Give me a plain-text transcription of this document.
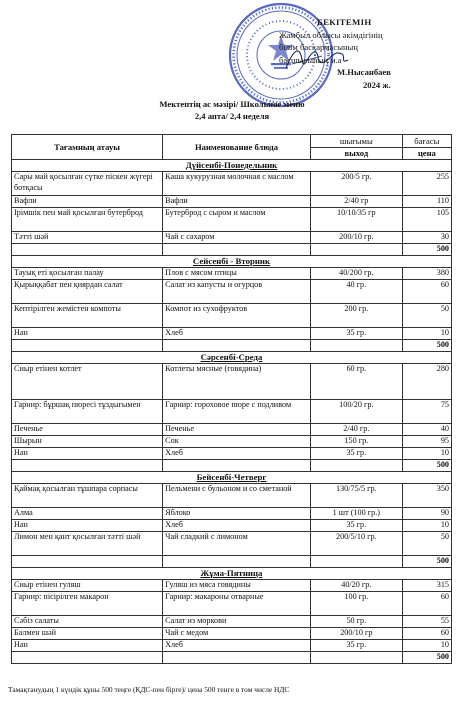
БЕКІТЕМІН
Жамбыл облысы әкімдігінің
білім басқармасының
басшысының м.а
М.Нысанбаев
2024 ж.
Мектептің ас мәзірі/ Школьное меню
2,4 апта/ 2,4 неделя
Тағамның атауы	Наименование блюда	шығымы	бағасы
		выход	цена
Дүйсенбі-Понедельник			
Сары май қосылған сүтке піскен жүгері ботқасы	Каша кукурузная молочная с маслом	200/5 гр.	255
Вафли	Вафли	2/40 гр	110
Ірімшік пен май қосылған бутерброд	Бутерброд с сыром и маслом	10/10/35 гр	105
Тәтті шәй	Чай с сахаром	200/10 гр.	30
			500
Сейсенбі - Вторник			
Тауық еті қосылған палау	Плов с мясом птицы	40/200 гр.	380
Қырыққабат пен қиярдан салат	Салат из капусты и огурцов	40 гр.	60
Кептірілген жемістен компоты	Компот из сухофруктов	200 гр.	50
Нан	Хлеб	35 гр.	10
			500
Сәрсенбі-Среда			
Сиыр етінен котлет	Котлеты мясные (говядина)	60 гр.	280
Гарнир: бұршақ пюресі тұздығымен	Гарнир: гороховое пюре с подливом	100/20 гр.	75
Печенье	Печенье	2/40 гр.	40
Шырын	Сок	150 гр.	95
Нан	Хлеб	35 гр.	10
			500
Бейсенбі-Четверг			
Қаймақ қосылған тұшпара сорпасы	Пельмени с бульоном и со сметаной	130/75/5 гр.	350
Алма	Яблоко	1 шт (100 гр.)	90
Нан	Хлеб	35 гр.	10
Лимон мен қант қосылған тәтті шәй	Чай сладкий с лимоном	200/5/10 гр.	50
			500
Жұма-Пятница			
Сиыр етінен гуляш	Гуляш из мяса говядины	40/20 гр.	315
Гарнир: пісірілген макарон	Гарнир: макароны отварные	100 гр.	60
Сәбіз салаты	Салат из моркови	50 гр.	55
Балмен шәй	Чай с медом	200/10 гр	60
Нан	Хлеб	35 гр.	10
			500
Тамақтанудың 1 күндік құны 500 теңге (ҚДС-пен бірге)/ цена 500 тенге в том числе НДС
